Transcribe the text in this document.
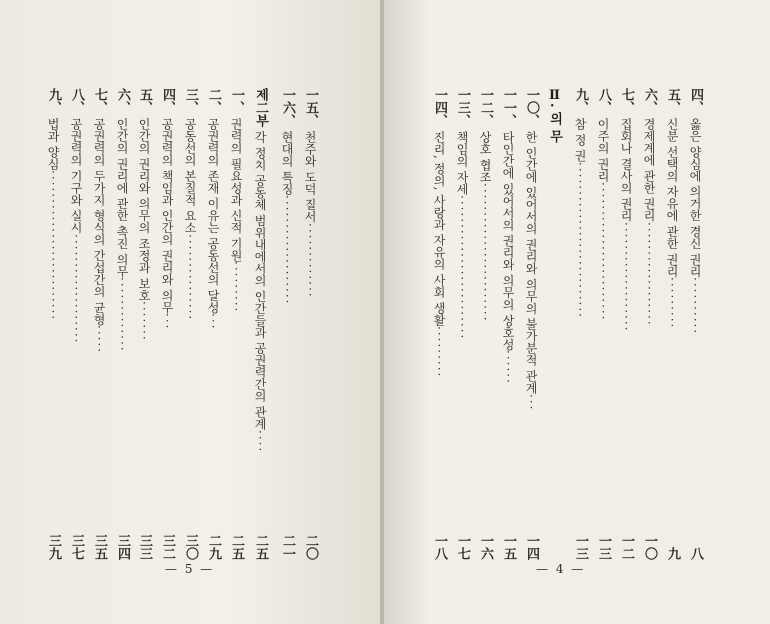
一五、천주와 도덕 질서·············
二〇
一六、현대의 특징···················
二一
제二부각 정치 공동체 범위내에서의 인간들과 공권력간의 관계····
二五
一、권력의 필요성과 신적 기원·········
二五
二、공권력의 존재 이유는 공동선의 달성···
二九
三、공동선의 본질적 요소···············
三〇
四、공권력의 책임과 인간의 권리와 의무···
三二
五、인간의 권리와 의무의 조정과 보호·······
三三
六、인간의 권리에 관한 촉진 의무·············
三四
七、공권력의 두가지 형식의 간섭간의 균형·····
三五
八、공권력의 기구와 실시···················
三七
九、법과 양심··························
三九
— 5 —
四、옳은 양심에 의거한 경신 권리··········
八
五、신분 선택의 자유에 관한 권리·········
九
六、경제계에 관한 권리··················
一〇
七、집회나 결사의 권리···················
一二
八、이주의 권리························
一三
九、참 정 권···························
一三
Ⅱ.의 무
一〇、한 인간에 있어서의 권리와 의무의 불가분적 관계···
一四
一一、타인간에 있어서의 권리와 의무의 상호성······
一五
一二、상호 협조························
一六
一三、책임의 자세·························
一七
一四、진리, 정의, 사랑과 자유의 사회 생활·········
一八
— 4 —
